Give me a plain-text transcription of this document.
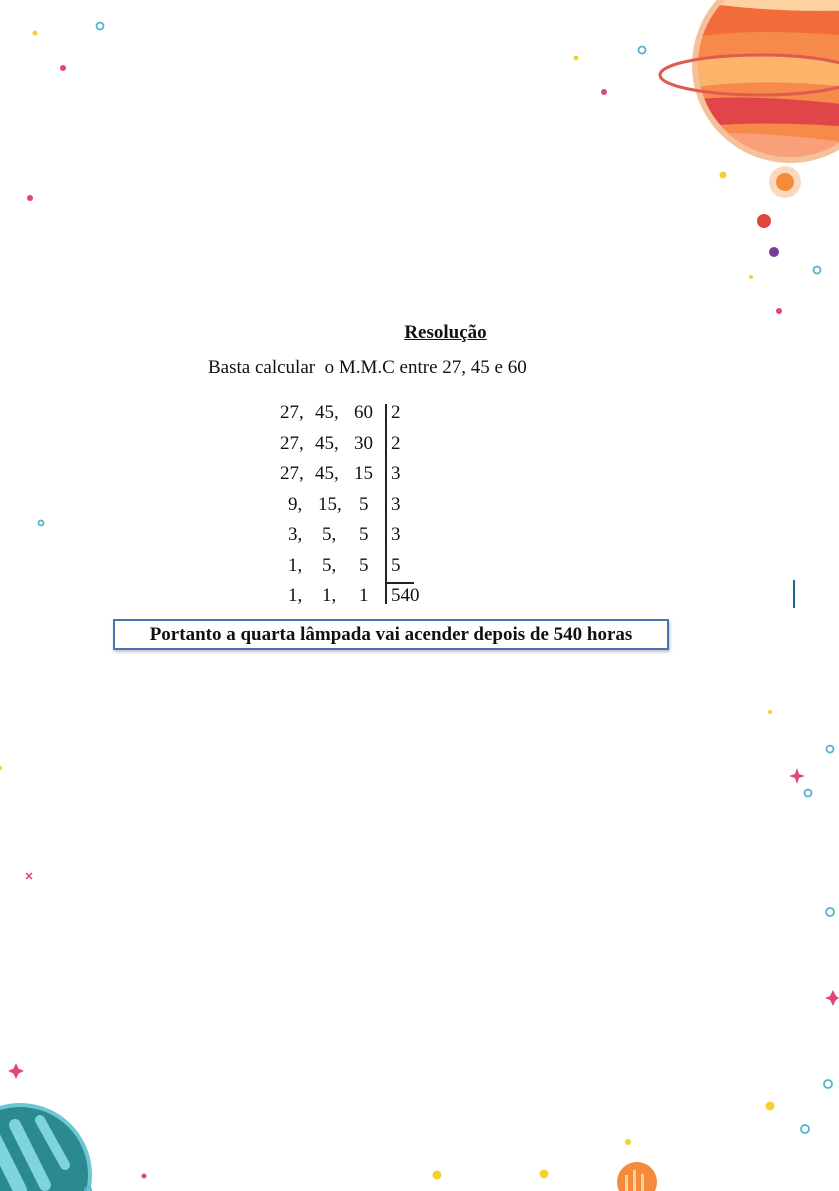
Resolução
Basta calcular  o M.M.C entre 27, 45 e 60
27, 45, 60 2
27, 45, 30 2
27, 45, 15 3
9, 15, 5 3
3, 5, 5 3
1, 5, 5 5
1, 1, 1 540
Portanto a quarta lâmpada vai acender depois de 540 horas
